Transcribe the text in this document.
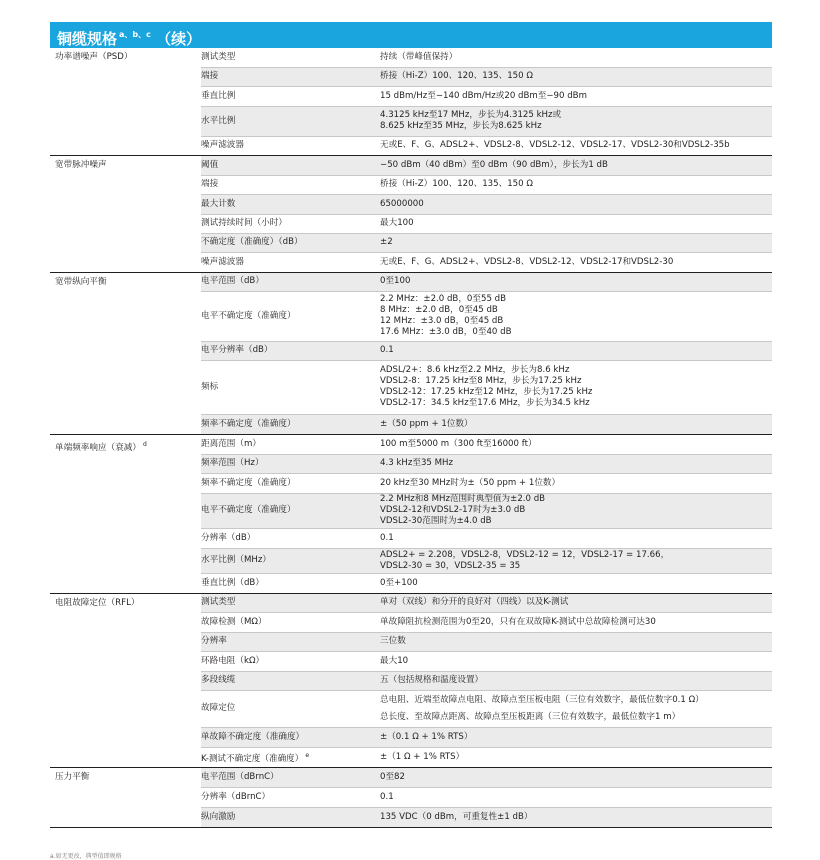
铜缆规格 $^{a、b、c}$ （续）
功率谱噪声（PSD）	测试类型	持续（带峰值保持）

	端接	桥接（Hi-Z）100、120、135、150 Ω

	垂直比例	15 dBm/Hz至−140 dBm/Hz或20 dBm至−90 dBm

	水平比例	4.3125 kHz至17 MHz，步长为4.3125 kHz或
8.625 kHz至35 MHz，步长为8.625 kHz

	噪声滤波器	无或E、F、G、ADSL2+、VDSL2-8、VDSL2-12、VDSL2-17、VDSL2-30和VDSL2-35b

宽带脉冲噪声	阈值	−50 dBm（40 dBm）至0 dBm（90 dBm），步长为1 dB

	端接	桥接（Hi-Z）100、120、135、150 Ω

	最大计数	65000000

	测试持续时间（小时）	最大100

	不确定度（准确度）（dB）	±2

	噪声滤波器	无或E、F、G、ADSL2+、VDSL2-8、VDSL2-12、VDSL2-17和VDSL2-30

宽带纵向平衡	电平范围（dB）	0至100

	电平不确定度（准确度）	2.2 MHz：±2.0 dB，0至55 dB
8 MHz：±2.0 dB，0至45 dB
12 MHz：±3.0 dB，0至45 dB
17.6 MHz：±3.0 dB，0至40 dB

	电平分辨率（dB）	0.1

	频标	ADSL/2+：8.6 kHz至2.2 MHz，步长为8.6 kHz
VDSL2-8：17.25 kHz至8 MHz，步长为17.25 kHz
VDSL2-12：17.25 kHz至12 MHz，步长为17.25 kHz
VDSL2-17：34.5 kHz至17.6 MHz，步长为34.5 kHz

	频率不确定度（准确度）	±（50 ppm + 1位数）

单端频率响应（衰减） $^d$	距离范围（m）	100 m至5000 m（300 ft至16000 ft）

	频率范围（Hz）	4.3 kHz至35 MHz

	频率不确定度（准确度）	20 kHz至30 MHz时为±（50 ppm + 1位数）

	电平不确定度（准确度）	2.2 MHz和8 MHz范围时典型值为±2.0 dB
VDSL2-12和VDSL2-17时为±3.0 dB
VDSL2-30范围时为±4.0 dB

	分辨率（dB）	0.1

	水平比例（MHz）	ADSL2+ = 2.208，VDSL2-8，VDSL2-12 = 12，VDSL2-17 = 17.66，
VDSL2-30 = 30，VDSL2-35 = 35

	垂直比例（dB）	0至+100

电阻故障定位（RFL）	测试类型	单对（双线）和分开的良好对（四线）以及K-测试

	故障检测（MΩ）	单故障阻抗检测范围为0至20，只有在双故障K-测试中总故障检测可达30

	分辨率	三位数

	环路电阻（kΩ）	最大10

	多段线缆	五（包括规格和温度设置）

	故障定位	总电阻、近端至故障点电阻、故障点至压板电阻（三位有效数字，最低位数字0.1 Ω）
总长度、至故障点距离、故障点至压板距离（三位有效数字，最低位数字1 m）

	单故障不确定度（准确度）	±（0.1 Ω + 1% RTS）

	K-测试不确定度（准确度） $^e$	±（1 Ω + 1% RTS）

压力平衡	电平范围（dBrnC）	0至82

	分辨率（dBrnC）	0.1

	纵向激励	135 VDC（0 dBm，可重复性±1 dB）
a.如无更改，典型值即规格
